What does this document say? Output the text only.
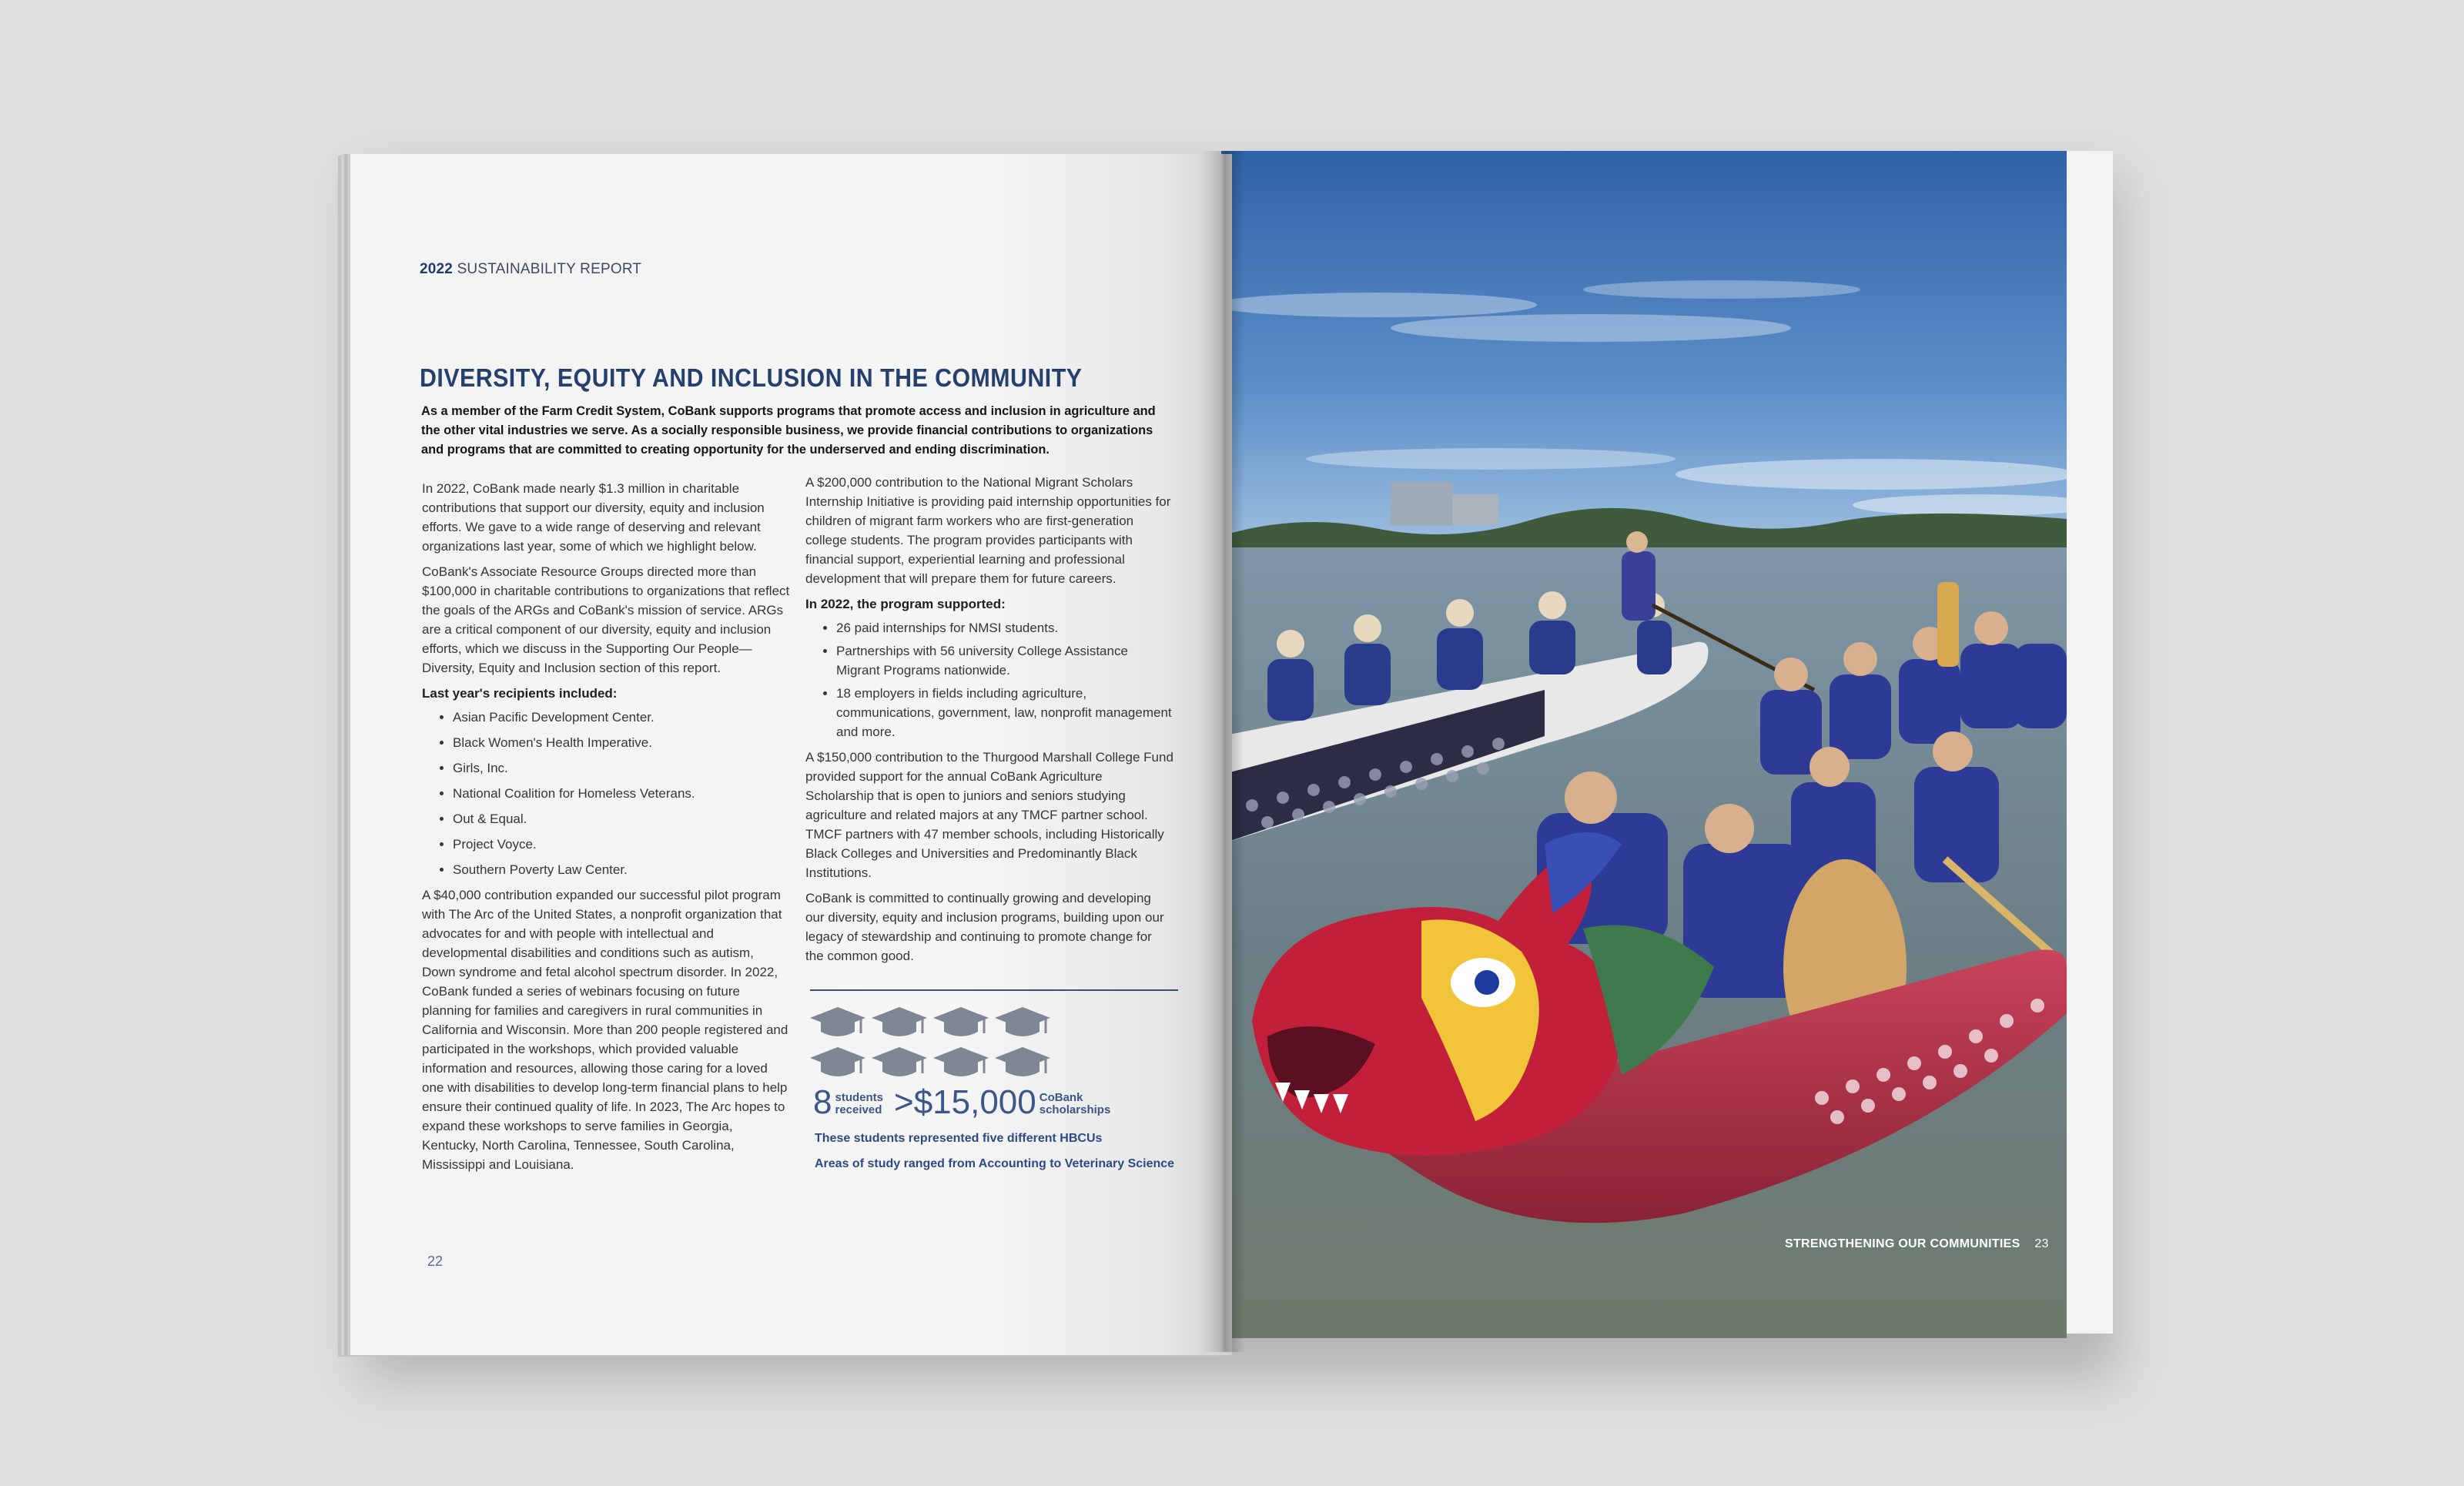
2022 SUSTAINABILITY REPORT
DIVERSITY, EQUITY AND INCLUSION IN THE COMMUNITY
As a member of the Farm Credit System, CoBank supports programs that promote access and inclusion in agriculture and the other vital industries we serve. As a socially responsible business, we provide financial contributions to organizations and programs that are committed to creating opportunity for the underserved and ending discrimination.

In 2022, CoBank made nearly $1.3 million in charitable contributions that support our diversity, equity and inclusion efforts. We gave to a wide range of deserving and relevant organizations last year, some of which we highlight below.

CoBank's Associate Resource Groups directed more than $100,000 in charitable contributions to organizations that reflect the goals of the ARGs and CoBank's mission of service. ARGs are a critical component of our diversity, equity and inclusion efforts, which we discuss in the Supporting Our People—Diversity, Equity and Inclusion section of this report.

Last year's recipients included:

• Asian Pacific Development Center.
• Black Women's Health Imperative.
• Girls, Inc.
• National Coalition for Homeless Veterans.
• Out & Equal.
• Project Voyce.
• Southern Poverty Law Center.

A $40,000 contribution expanded our successful pilot program with The Arc of the United States, a nonprofit organization that advocates for and with people with intellectual and developmental disabilities and conditions such as autism, Down syndrome and fetal alcohol spectrum disorder. In 2022, CoBank funded a series of webinars focusing on future planning for families and caregivers in rural communities in California and Wisconsin. More than 200 people registered and participated in the workshops, which provided valuable information and resources, allowing those caring for a loved one with disabilities to develop long-term financial plans to help ensure their continued quality of life. In 2023, The Arc hopes to expand these workshops to serve families in Georgia, Kentucky, North Carolina, Tennessee, South Carolina, Mississippi and Louisiana.

A $200,000 contribution to the National Migrant Scholars Internship Initiative is providing paid internship opportunities for children of migrant farm workers who are first-generation college students. The program provides participants with financial support, experiential learning and professional development that will prepare them for future careers.

In 2022, the program supported:

• 26 paid internships for NMSI students.
• Partnerships with 56 university College Assistance Migrant Programs nationwide.
• 18 employers in fields including agriculture, communications, government, law, nonprofit management and more.

A $150,000 contribution to the Thurgood Marshall College Fund provided support for the annual CoBank Agriculture Scholarship that is open to juniors and seniors studying agriculture and related majors at any TMCF partner school. TMCF partners with 47 member schools, including Historically Black Colleges and Universities and Predominantly Black Institutions.

CoBank is committed to continually growing and developing our diversity, equity and inclusion programs, building upon our legacy of stewardship and continuing to promote change for the common good.

8 students
received >$15,000 CoBank
scholarships
These students represented five different HBCUs
Areas of study ranged from Accounting to Veterinary Science
22
STRENGTHENING OUR COMMUNITIES 23
